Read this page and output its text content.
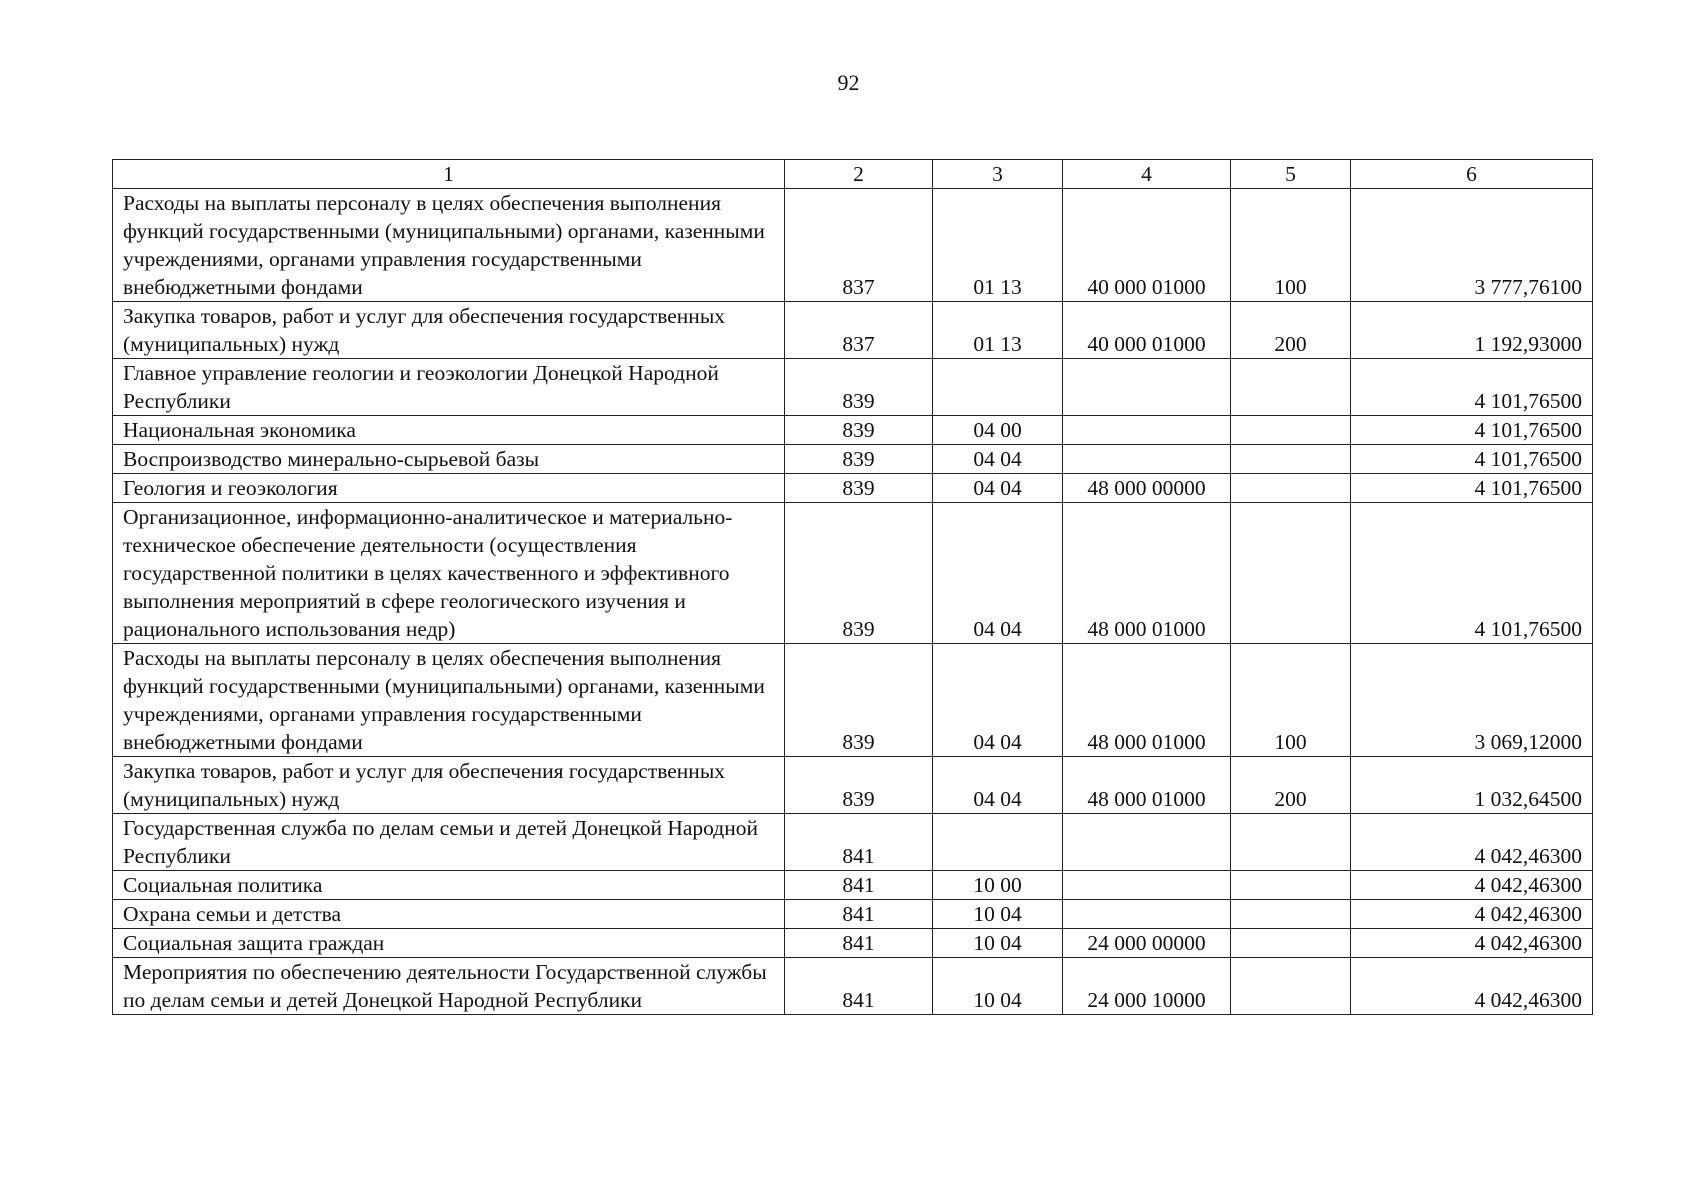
92
1	2	3	4	5	6
Расходы на выплаты персоналу в целях обеспечения выполнения функций государственными (муниципальными) органами, казенными учреждениями, органами управления государственными внебюджетными фондами	837	01 13	40 000 01000	100	3 777,76100
Закупка товаров, работ и услуг для обеспечения государственных (муниципальных) нужд	837	01 13	40 000 01000	200	1 192,93000
Главное управление геологии и геоэкологии Донецкой Народной Республики	839				4 101,76500
Национальная экономика	839	04 00			4 101,76500
Воспроизводство минерально-сырьевой базы	839	04 04			4 101,76500
Геология и геоэкология	839	04 04	48 000 00000		4 101,76500
Организационное, информационно-аналитическое и материально-техническое обеспечение деятельности (осуществления государственной политики в целях качественного и эффективного выполнения мероприятий в сфере геологического изучения и рационального использования недр)	839	04 04	48 000 01000		4 101,76500
Расходы на выплаты персоналу в целях обеспечения выполнения функций государственными (муниципальными) органами, казенными учреждениями, органами управления государственными внебюджетными фондами	839	04 04	48 000 01000	100	3 069,12000
Закупка товаров, работ и услуг для обеспечения государственных (муниципальных) нужд	839	04 04	48 000 01000	200	1 032,64500
Государственная служба по делам семьи и детей Донецкой Народной Республики	841				4 042,46300
Социальная политика	841	10 00			4 042,46300
Охрана семьи и детства	841	10 04			4 042,46300
Социальная защита граждан	841	10 04	24 000 00000		4 042,46300
Мероприятия по обеспечению деятельности Государственной службы по делам семьи и детей Донецкой Народной Республики	841	10 04	24 000 10000		4 042,46300
